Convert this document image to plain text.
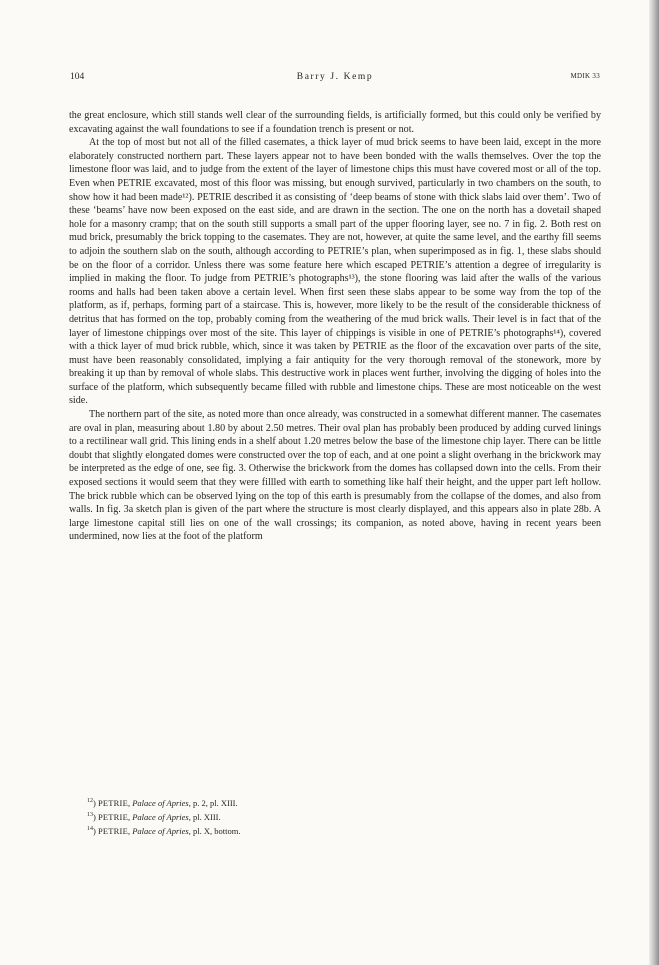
104	Barry J. Kemp	MDIK 33

the great enclosure, which still stands well clear of the surrounding fields, is artificially formed, but this could only be verified by excavating against the wall foundations to see if a foundation trench is present or not.

At the top of most but not all of the filled casemates, a thick layer of mud brick seems to have been laid, except in the more elaborately constructed northern part. These layers appear not to have been bonded with the walls themselves. Over the top the limestone floor was laid, and to judge from the extent of the layer of limestone chips this must have covered most or all of the top. Even when PETRIE excavated, most of this floor was missing, but enough survived, particularly in two chambers on the south, to show how it had been made¹²). PETRIE described it as consisting of ‘deep beams of stone with thick slabs laid over them’. Two of these ‘beams’ have now been exposed on the east side, and are drawn in the section. The one on the north has a dovetail shaped hole for a masonry cramp; that on the south still supports a small part of the upper flooring layer, see no. 7 in fig. 2. Both rest on mud brick, presumably the brick topping to the casemates. They are not, however, at quite the same level, and the earthy fill seems to adjoin the southern slab on the south, although according to PETRIE’s plan, when superimposed as in fig. 1, these slabs should be on the floor of a corridor. Unless there was some feature here which escaped PETRIE’s attention a degree of irregularity is implied in making the floor. To judge from PETRIE’s photographs¹³), the stone flooring was laid after the walls of the various rooms and halls had been taken above a certain level. When first seen these slabs appear to be some way from the top of the platform, as if, perhaps, forming part of a staircase. This is, however, more likely to be the result of the considerable thickness of detritus that has formed on the top, probably coming from the weathering of the mud brick walls. Their level is in fact that of the layer of limestone chippings over most of the site. This layer of chippings is visible in one of PETRIE’s photographs¹⁴), covered with a thick layer of mud brick rubble, which, since it was taken by PETRIE as the floor of the excavation over parts of the site, must have been reasonably consolidated, implying a fair antiquity for the very thorough removal of the stonework, more by breaking it up than by removal of whole slabs. This destructive work in places went further, involving the digging of holes into the surface of the platform, which subsequently became filled with rubble and limestone chips. These are most noticeable on the west side.

The northern part of the site, as noted more than once already, was constructed in a somewhat different manner. The casemates are oval in plan, measuring about 1.80 by about 2.50 metres. Their oval plan has probably been produced by adding curved linings to a rectilinear wall grid. This lining ends in a shelf about 1.20 metres below the base of the limestone chip layer. There can be little doubt that slightly elongated domes were constructed over the top of each, and at one point a slight overhang in the brickwork may be interpreted as the edge of one, see fig. 3. Otherwise the brickwork from the domes has collapsed down into the cells. From their exposed sections it would seem that they were fillled with earth to something like half their height, and the upper part left hollow. The brick rubble which can be observed lying on the top of this earth is presumably from the collapse of the domes, and also from walls. In fig. 3a sketch plan is given of the part where the structure is most clearly displayed, and this appears also in plate 28b. A large limestone capital still lies on one of the wall crossings; its companion, as noted above, having in recent years been undermined, now lies at the foot of the platform

$^{12}$) PETRIE, Palace of Apries, p. 2, pl. XIII.
$^{13}$) PETRIE, Palace of Apries, pl. XIII.
$^{14}$) PETRIE, Palace of Apries, pl. X, bottom.
